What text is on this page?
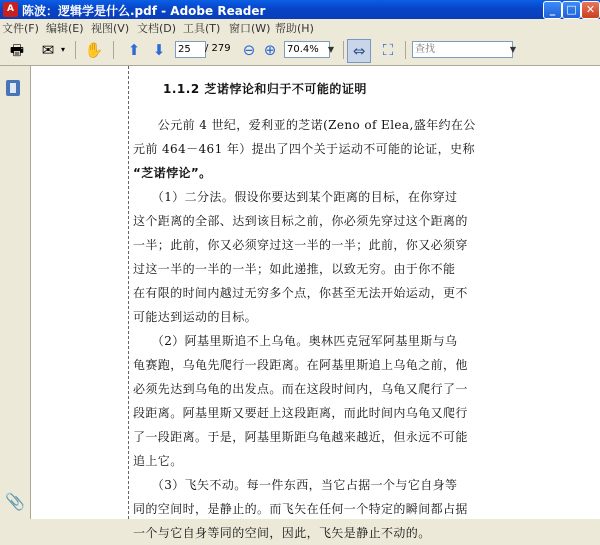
A 陈波：逻辑学是什么.pdf - Adobe Reader	_	□ ✕
文件(F) 编辑(E) 视图(V) 文档(D) 工具(T) 窗口(W) 帮助(H)
🖶	✉ ▾ ✋	⬆ ⬇
25	/ 279 ⊖ ⊕
70.4%	▼	⇔	⛶
查找	▼
📎
1.1.2 芝诺悖论和归于不可能的证明

　　公元前 4 世纪，爱利亚的芝诺(Zeno of Elea,盛年约在公
元前 464－461 年）提出了四个关于运动不可能的论证，史称
“芝诺悖论”。

　　（1）二分法。假设你要达到某个距离的目标，在你穿过
这个距离的全部、达到该目标之前，你必须先穿过这个距离的
一半；此前，你又必须穿过这一半的一半；此前，你又必须穿
过这一半的一半的一半；如此递推，以致无穷。由于你不能
在有限的时间内越过无穷多个点，你甚至无法开始运动，更不
可能达到运动的目标。

　　（2）阿基里斯追不上乌龟。奥林匹克冠军阿基里斯与乌
龟赛跑，乌龟先爬行一段距离。在阿基里斯追上乌龟之前，他
必须先达到乌龟的出发点。而在这段时间内，乌龟又爬行了一
段距离。阿基里斯又要赶上这段距离，而此时间内乌龟又爬行
了一段距离。于是，阿基里斯距乌龟越来越近，但永远不可能
追上它。

　　（3）飞矢不动。每一件东西，当它占据一个与它自身等
同的空间时，是静止的。而飞矢在任何一个特定的瞬间都占据
一个与它自身等同的空间，因此，飞矢是静止不动的。
